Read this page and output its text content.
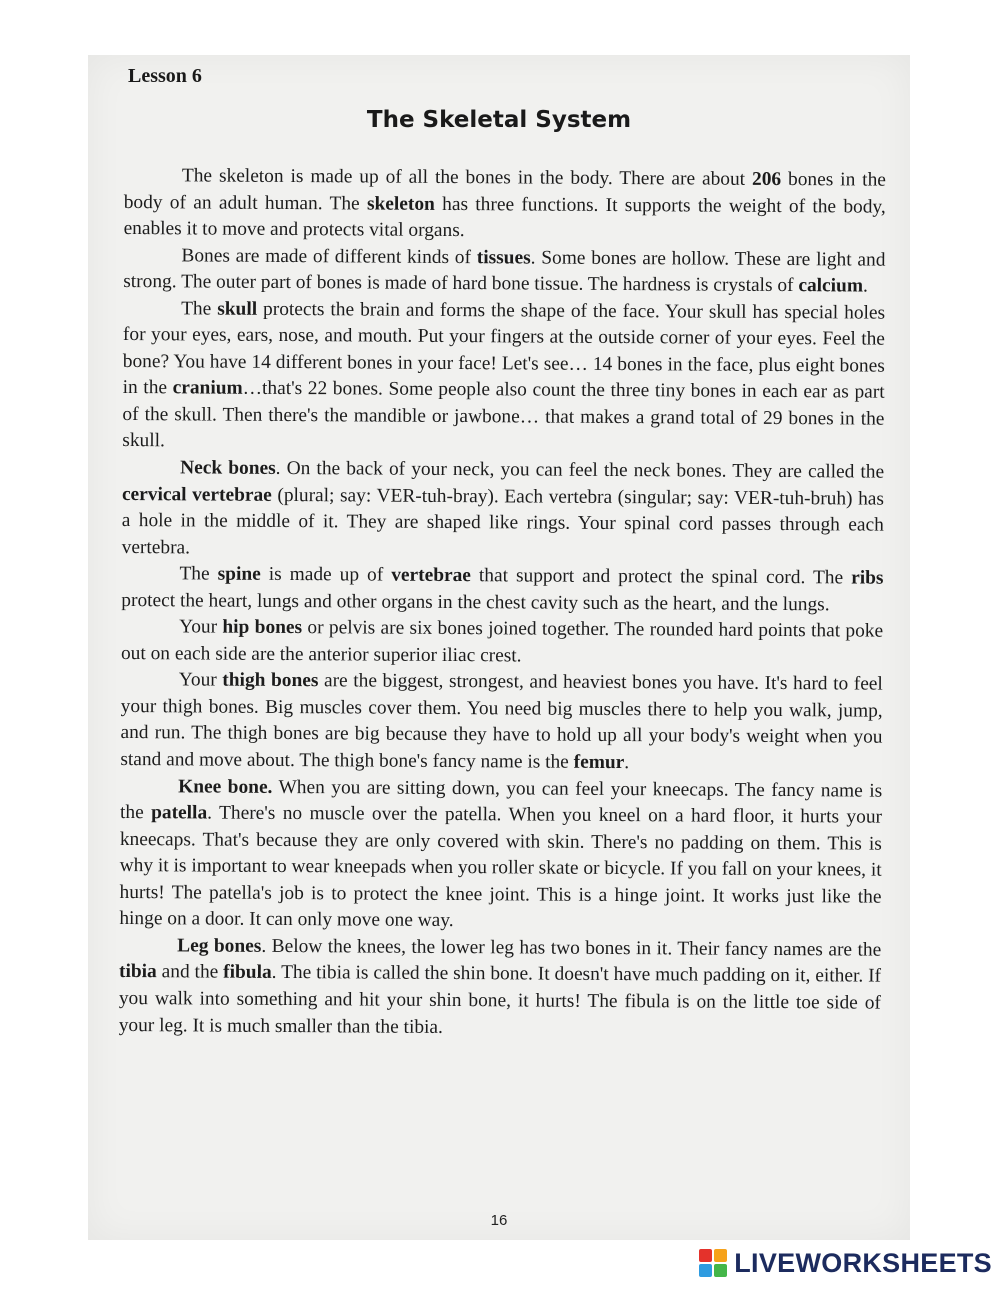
Lesson 6

The Skeletal System

The skeleton is made up of all the bones in the body. There are about 206 bones in the body of an adult human. The skeleton has three functions. It supports the weight of the body, enables it to move and protects vital organs.

Bones are made of different kinds of tissues. Some bones are hollow. These are light and strong. The outer part of bones is made of hard bone tissue. The hardness is crystals of calcium.

The skull protects the brain and forms the shape of the face. Your skull has special holes for your eyes, ears, nose, and mouth. Put your fingers at the outside corner of your eyes. Feel the bone? You have 14 different bones in your face! Let's see… 14 bones in the face, plus eight bones in the cranium…that's 22 bones. Some people also count the three tiny bones in each ear as part of the skull. Then there's the mandible or jawbone… that makes a grand total of 29 bones in the skull.

Neck bones. On the back of your neck, you can feel the neck bones. They are called the cervical vertebrae (plural; say: VER-tuh-bray). Each vertebra (singular; say: VER-tuh-bruh) has a hole in the middle of it. They are shaped like rings. Your spinal cord passes through each vertebra.

The spine is made up of vertebrae that support and protect the spinal cord. The ribs protect the heart, lungs and other organs in the chest cavity such as the heart, and the lungs.

Your hip bones or pelvis are six bones joined together. The rounded hard points that poke out on each side are the anterior superior iliac crest.

Your thigh bones are the biggest, strongest, and heaviest bones you have. It's hard to feel your thigh bones. Big muscles cover them. You need big muscles there to help you walk, jump, and run. The thigh bones are big because they have to hold up all your body's weight when you stand and move about. The thigh bone's fancy name is the femur.

Knee bone. When you are sitting down, you can feel your kneecaps. The fancy name is the patella. There's no muscle over the patella. When you kneel on a hard floor, it hurts your kneecaps. That's because they are only covered with skin. There's no padding on them. This is why it is important to wear kneepads when you roller skate or bicycle. If you fall on your knees, it hurts! The patella's job is to protect the knee joint. This is a hinge joint. It works just like the hinge on a door. It can only move one way.

Leg bones. Below the knees, the lower leg has two bones in it. Their fancy names are the tibia and the fibula. The tibia is called the shin bone. It doesn't have much padding on it, either. If you walk into something and hit your shin bone, it hurts! The fibula is on the little toe side of your leg. It is much smaller than the tibia.

16

LIVEWORKSHEETS
